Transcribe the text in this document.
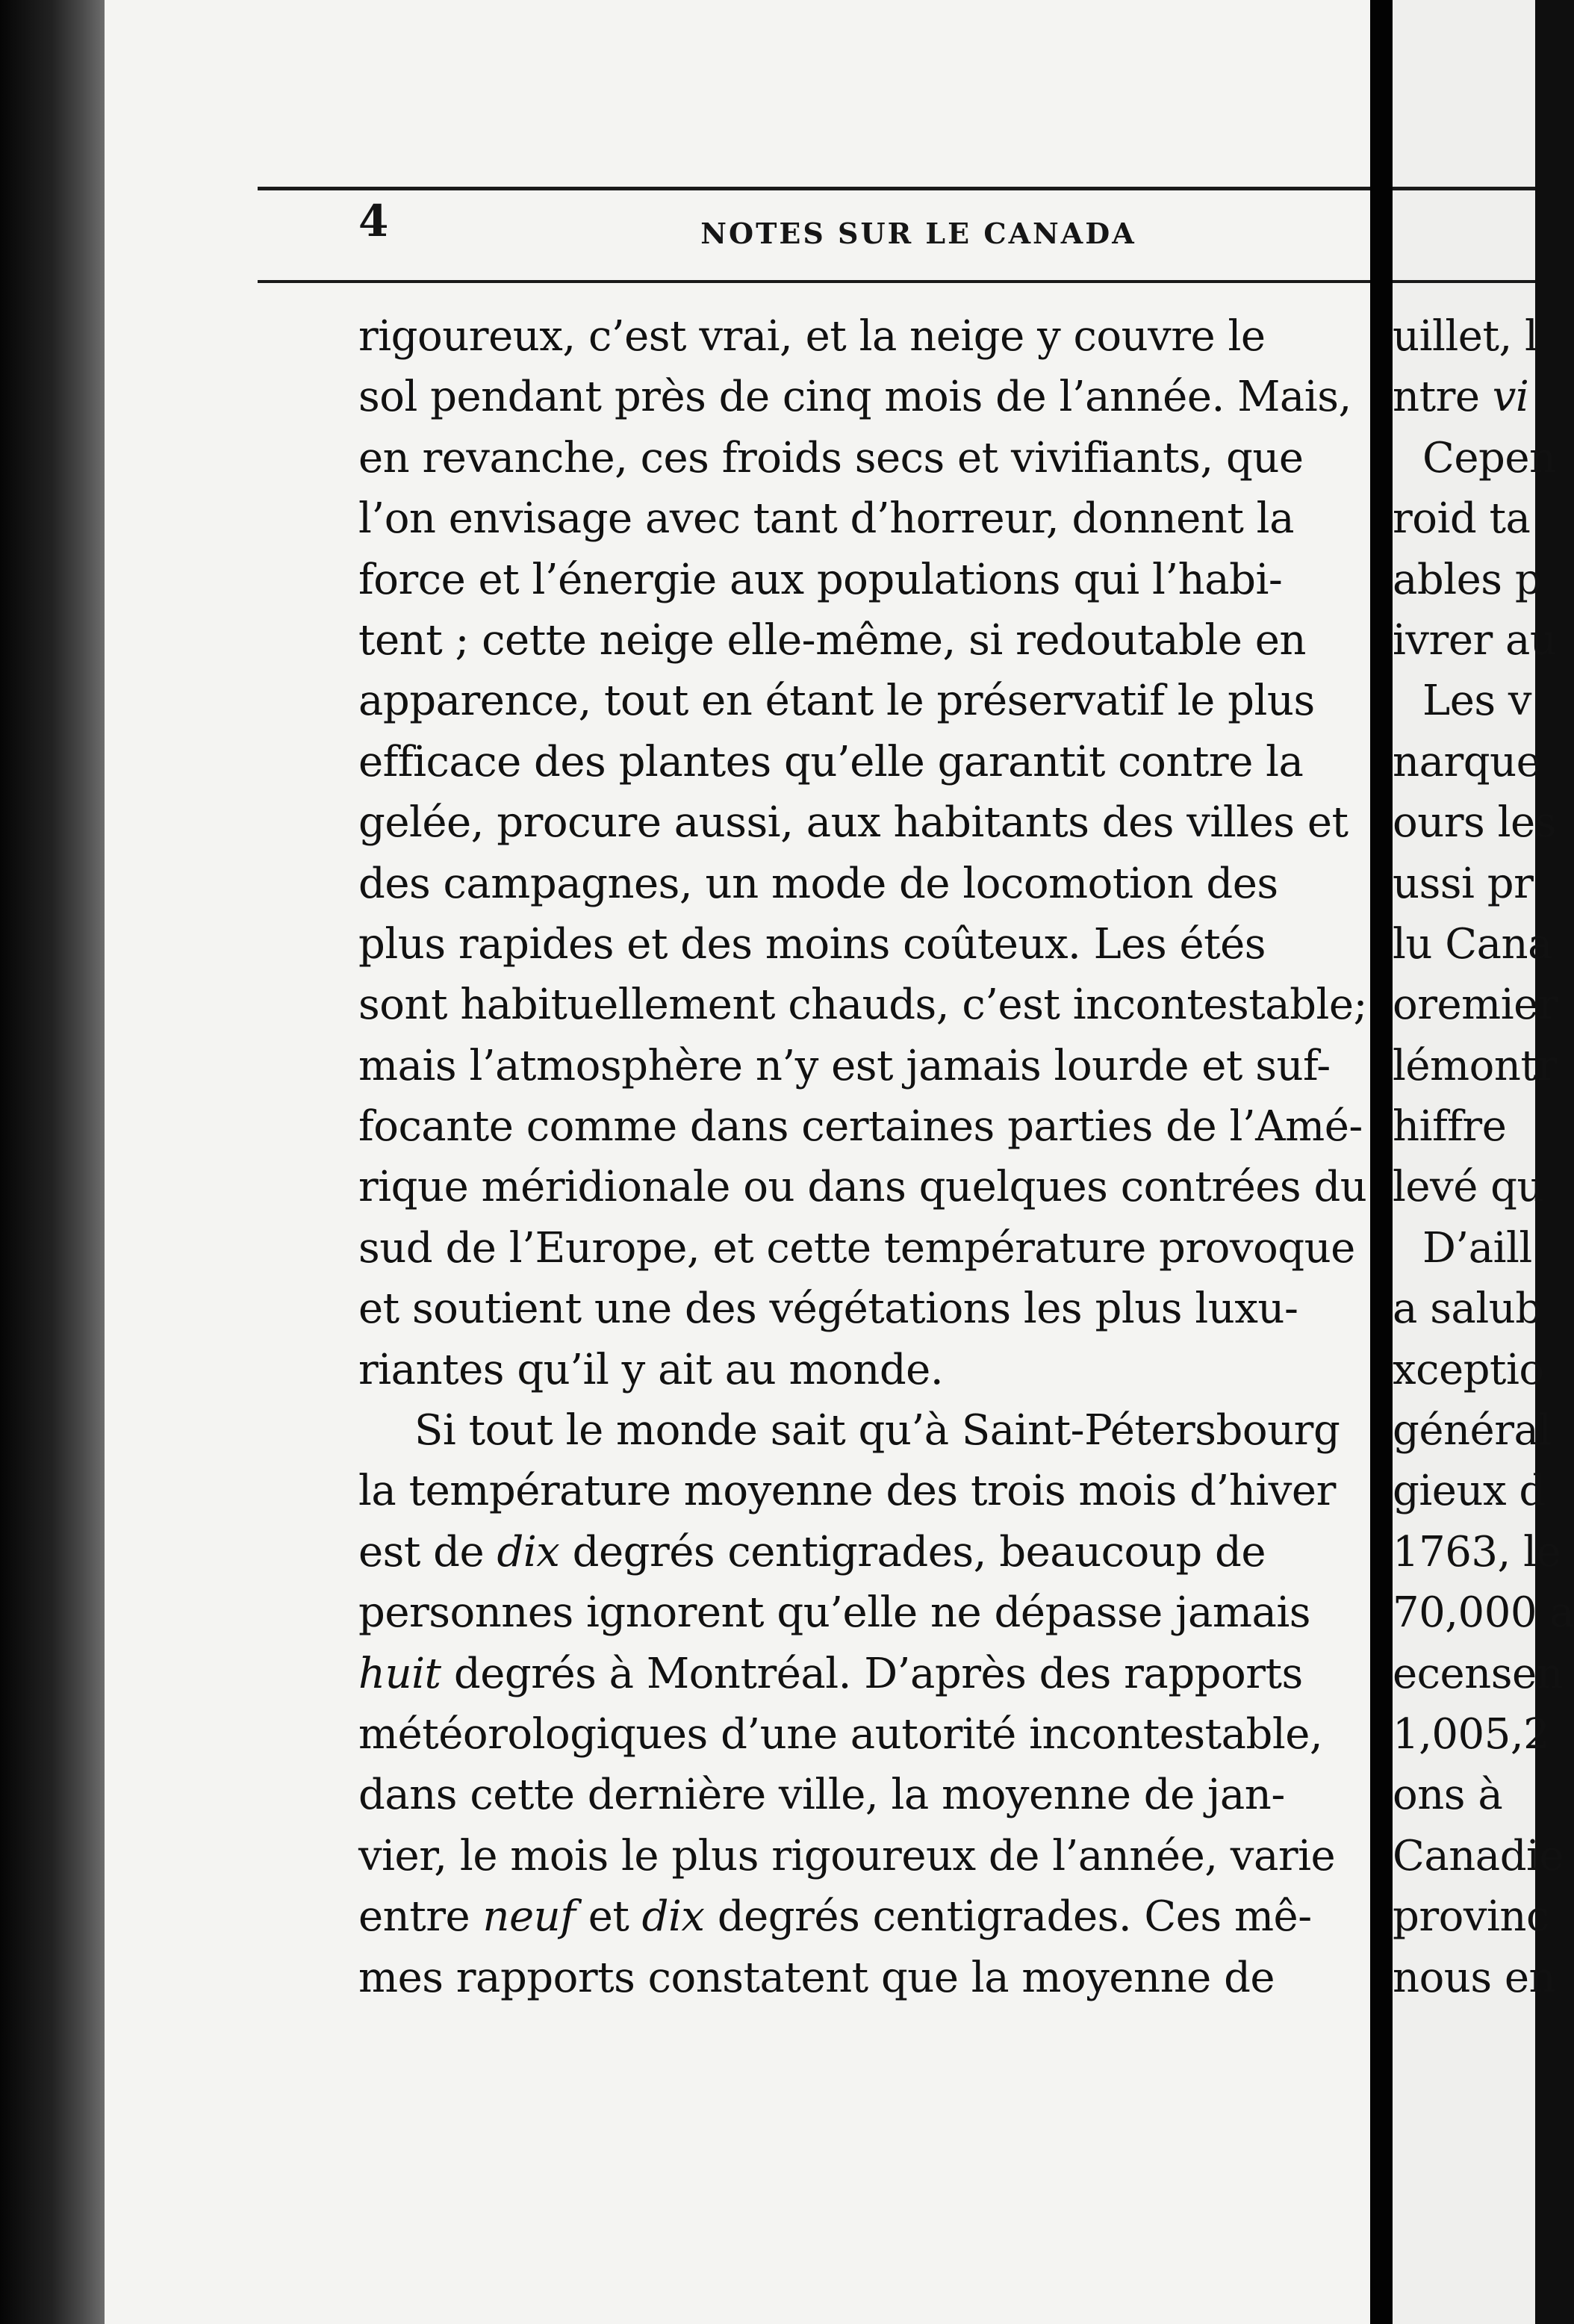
4	NOTES SUR LE CANADA
rigoureux, c’est vrai, et la neige y couvre le
sol pendant près de cinq mois de l’année. Mais,
en revanche, ces froids secs et vivifiants, que
l’on envisage avec tant d’horreur, donnent la
force et l’énergie aux populations qui l’habi-
tent ; cette neige elle-même, si redoutable en
apparence, tout en étant le préservatif le plus
efficace des plantes qu’elle garantit contre la
gelée, procure aussi, aux habitants des villes et
des campagnes, un mode de locomotion des
plus rapides et des moins coûteux. Les étés
sont habituellement chauds, c’est incontestable;
mais l’atmosphère n’y est jamais lourde et suf-
focante comme dans certaines parties de l’Amé-
rique méridionale ou dans quelques contrées du
sud de l’Europe, et cette température provoque
et soutient une des végétations les plus luxu-
riantes qu’il y ait au monde.
Si tout le monde sait qu’à Saint-Pétersbourg
la température moyenne des trois mois d’hiver
est de dix degrés centigrades, beaucoup de
personnes ignorent qu’elle ne dépasse jamais
huit degrés à Montréal. D’après des rapports
météorologiques d’une autorité incontestable,
dans cette dernière ville, la moyenne de jan-
vier, le mois le plus rigoureux de l’année, varie
entre neuf et dix degrés centigrades. Ces mê-
mes rapports constatent que la moyenne de
uillet, l
ntre vi
Cepen
roid ta
ables p
ivrer au
Les v
narque
ours les
ussi pr
lu Cana
oremier
lémontr
hiffre
levé qu
D’aill
a salub
xceptio
général
gieux d
1763, le
70,000 a
ecensen
1,005,2
ons à
Canadie
provinc
nous en
